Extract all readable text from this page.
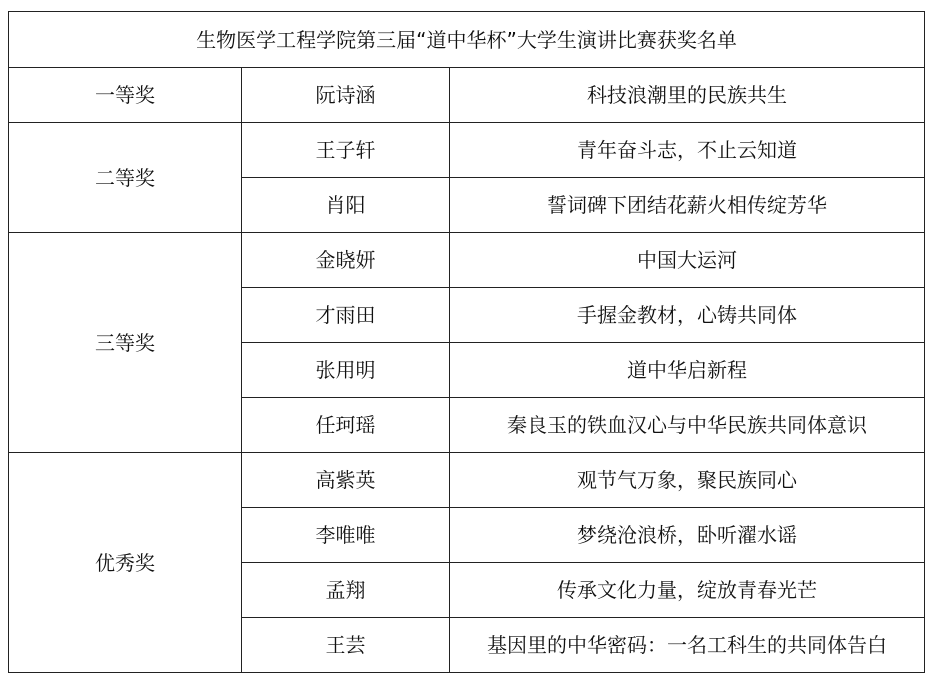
生物医学工程学院第三届“道中华杯”大学生演讲比赛获奖名单		
一等奖	阮诗涵	科技浪潮里的民族共生
二等奖	王子轩	青年奋斗志，不止云知道
	肖阳	誓词碑下团结花薪火相传绽芳华
三等奖	金晓妍	中国大运河
	才雨田	手握金教材，心铸共同体
	张用明	道中华启新程
	任珂瑶	秦良玉的铁血汉心与中华民族共同体意识
优秀奖	高紫英	观节气万象，聚民族同心
	李唯唯	梦绕沧浪桥，卧听濯水谣
	孟翔	传承文化力量，绽放青春光芒
	王芸	基因里的中华密码：一名工科生的共同体告白
